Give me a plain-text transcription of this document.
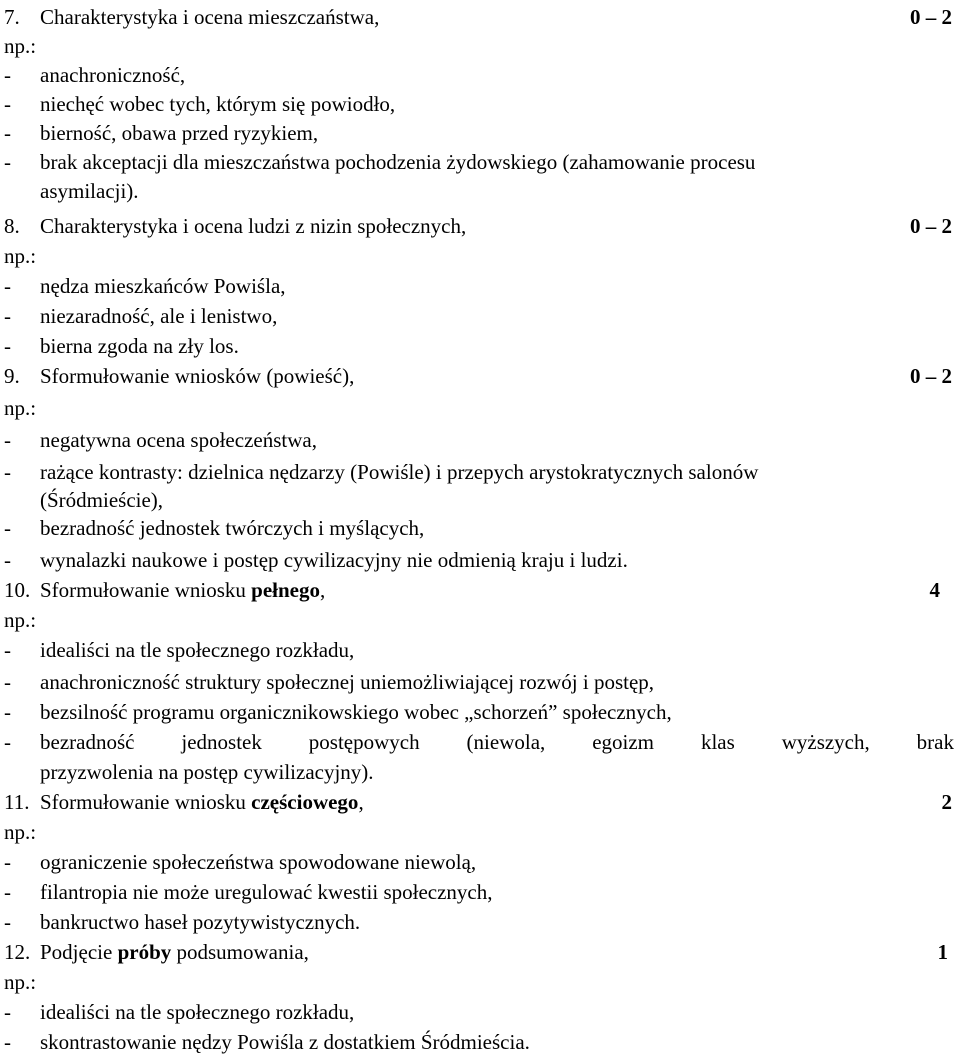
7. Charakterystyka i ocena mieszczaństwa,	0 – 2
np.:
- anachroniczność,
- niechęć wobec tych, którym się powiodło,
- bierność, obawa przed ryzykiem,
- brak akceptacji dla mieszczaństwa pochodzenia żydowskiego (zahamowanie procesu
asymilacji).
8. Charakterystyka i ocena ludzi z nizin społecznych,	0 – 2
np.:
- nędza mieszkańców Powiśla,
- niezaradność, ale i lenistwo,
- bierna zgoda na zły los.
9. Sformułowanie wniosków (powieść),	0 – 2
np.:
- negatywna ocena społeczeństwa,
- rażące kontrasty: dzielnica nędzarzy (Powiśle) i przepych arystokratycznych salonów
(Śródmieście),
- bezradność jednostek twórczych i myślących,
- wynalazki naukowe i postęp cywilizacyjny nie odmienią kraju i ludzi.
10. Sformułowanie wniosku pełnego,	4
np.:
- idealiści na tle społecznego rozkładu,
- anachroniczność struktury społecznej uniemożliwiającej rozwój i postęp,
- bezsilność programu organicznikowskiego wobec „schorzeń” społecznych,
- bezradność jednostek postępowych (niewola, egoizm klas wyższych, brak
przyzwolenia na postęp cywilizacyjny).
11. Sformułowanie wniosku częściowego,	2
np.:
- ograniczenie społeczeństwa spowodowane niewolą,
- filantropia nie może uregulować kwestii społecznych,
- bankructwo haseł pozytywistycznych.
12. Podjęcie próby podsumowania,	1
np.:
- idealiści na tle społecznego rozkładu,
- skontrastowanie nędzy Powiśla z dostatkiem Śródmieścia.
